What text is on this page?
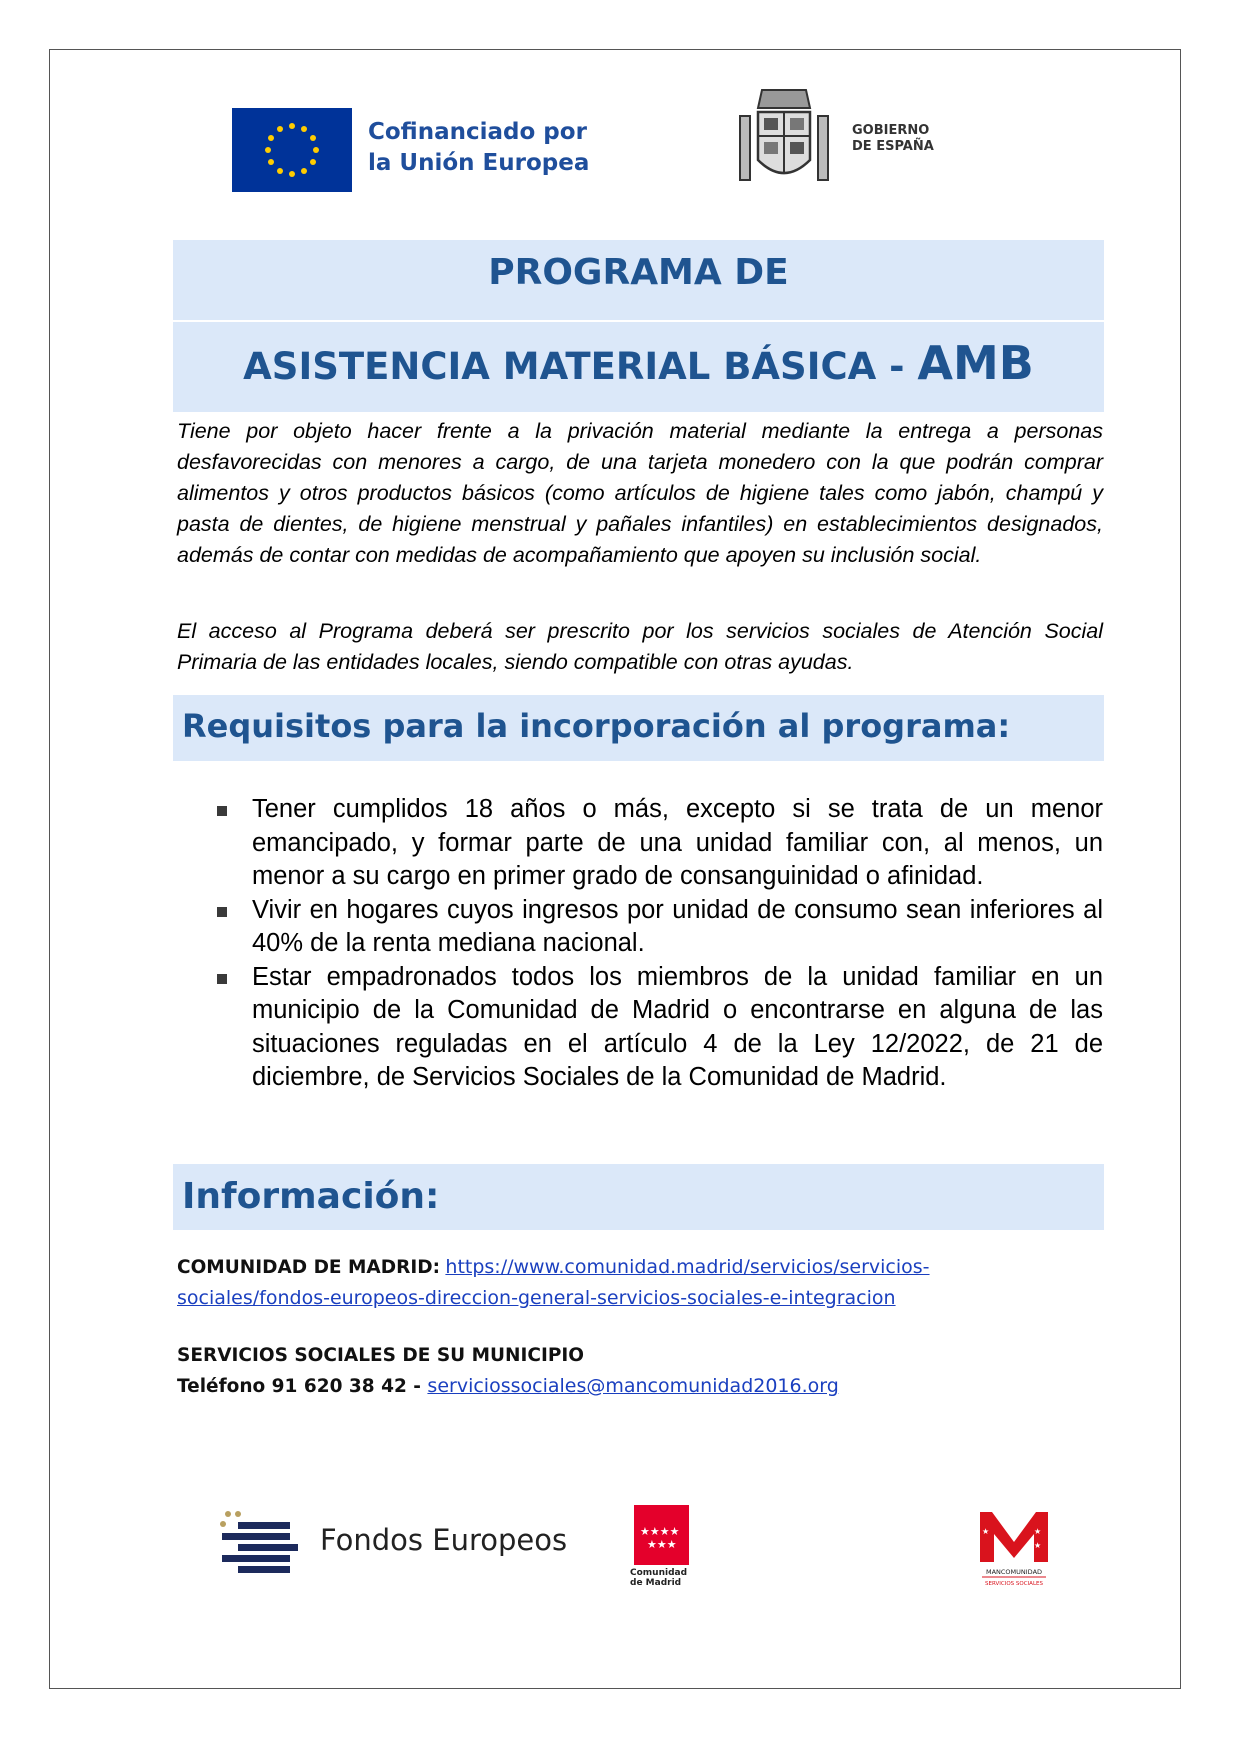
Cofinanciado por
la Unión Europea
GOBIERNO
DE ESPAÑA
PROGRAMA DE
ASISTENCIA MATERIAL BÁSICA - AMB

Tiene por objeto hacer frente a la privación material mediante la entrega a personas desfavorecidas con menores a cargo, de una tarjeta monedero con la que podrán comprar alimentos y otros productos básicos (como artículos de higiene tales como jabón, champú y pasta de dientes, de higiene menstrual y pañales infantiles) en establecimientos designados, además de contar con medidas de acompañamiento que apoyen su inclusión social.

El acceso al Programa deberá ser prescrito por los servicios sociales de Atención Social Primaria de las entidades locales, siendo compatible con otras ayudas.

Requisitos para la incorporación al programa:
Tener cumplidos 18 años o más, excepto si se trata de un menor emancipado, y formar parte de una unidad familiar con, al menos, un menor a su cargo en primer grado de consanguinidad o afinidad.
Vivir en hogares cuyos ingresos por unidad de consumo sean inferiores al 40% de la renta mediana nacional.
Estar empadronados todos los miembros de la unidad familiar en un municipio de la Comunidad de Madrid o encontrarse en alguna de las situaciones reguladas en el artículo 4 de la Ley 12/2022, de 21 de diciembre, de Servicios Sociales de la Comunidad de Madrid.
Información:
COMUNIDAD DE MADRID: https://www.comunidad.madrid/servicios/servicios-sociales/fondos-europeos-direccion-general-servicios-sociales-e-integracion
SERVICIOS SOCIALES DE SU MUNICIPIO
Teléfono 91 620 38 42 - serviciossociales@mancomunidad2016.org
Fondos Europeos	★★★★
★★★
Comunidad
de Madrid
★	★
★
MANCOMUNIDAD
SERVICIOS SOCIALES
